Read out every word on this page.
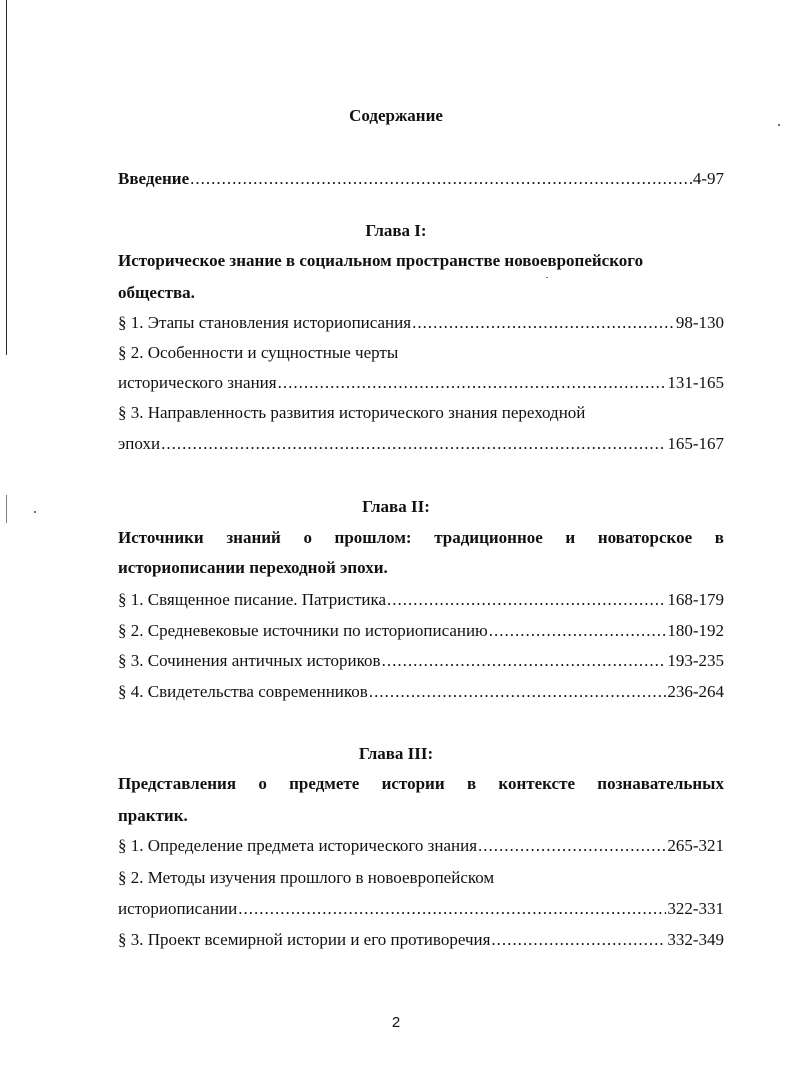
Содержание
Введение .....	4-97
Глава I:
Историческое знание в социальном пространстве новоевропейского
общества.
§ 1. Этапы становления историописания .....	98-130
§ 2. Особенности и сущностные черты
исторического знания .....	131-165
§ 3. Направленность развития исторического знания переходной
эпохи .....	165-167
Глава II:
Источники знаний о прошлом: традиционное и новаторское в
историописании переходной эпохи.
§ 1. Священное писание. Патристика .....	168-179
§ 2. Средневековые источники по историописанию .....	180-192
§ 3. Сочинения античных историков .....	193-235
§ 4. Свидетельства современников .....	236-264
Глава III:
Представления о предмете истории в контексте познавательных
практик.
§ 1. Определение предмета исторического знания .....	265-321
§ 2. Методы изучения прошлого в новоевропейском
историописании .....	322-331
§ 3. Проект всемирной истории и его противоречия .....	332-349
2
